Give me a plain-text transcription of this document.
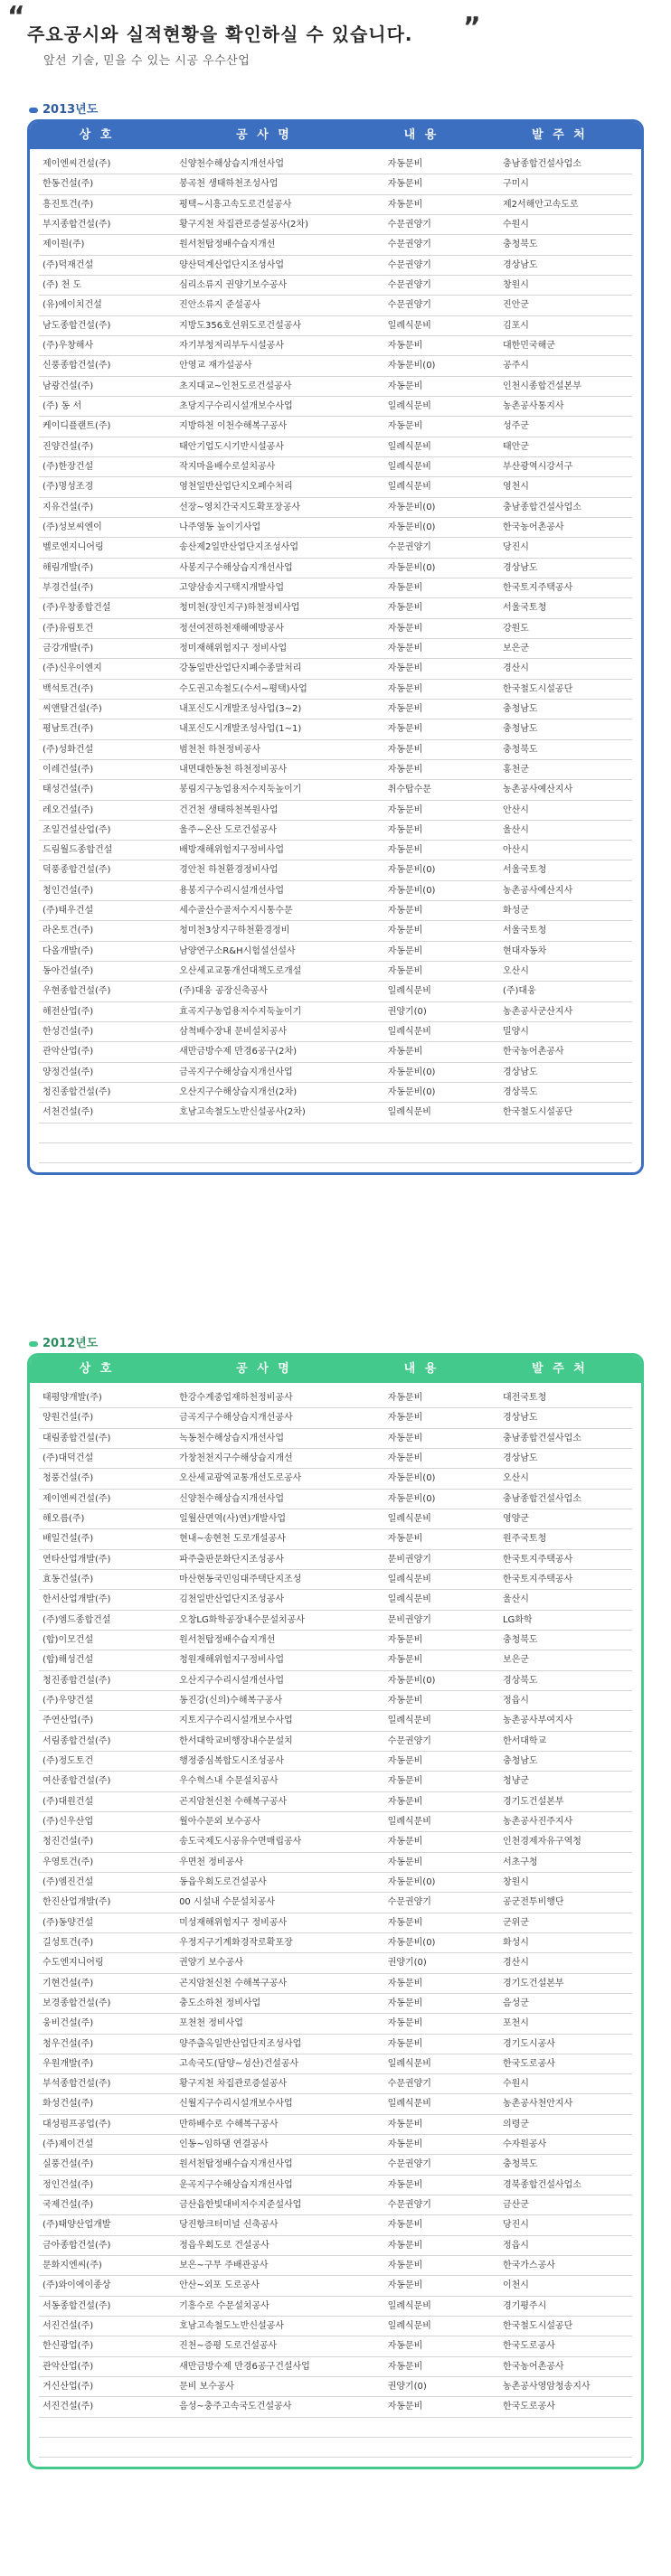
“
주요공시와 실적현황을 확인하실 수 있습니다. ”
앞선 기술, 믿을 수 있는 시공 우수산업
2013년도
상 호	공 사 명	내 용	발 주 처
제이엔씨건설(주)	신양천수해상습지개선사업	자동문비	충남종합건설사업소
한동건설(주)	봉곡천 생태하천조성사업	자동문비	구미시
흥진토건(주)	평택~시흥고속도로건설공사	자동문비	제2서해안고속도로
부지종합건설(주)	황구지천 차집관로증설공사(2차)	수문권양기	수원시
제이원(주)	원서천탑정배수습지개선	수문권양기	충청북도
(주)덕재건설	양산덕계산업단지조성사업	수문권양기	경상남도
(주) 천 도	심리소류지 권양기보수공사	수문권양기	창원시
(유)에이치건설	진안소류지 준설공사	수문권양기	진안군
남도종합건설(주)	지방도356호선위도로건설공사	일례식문비	김포시
(주)우창해사	자기부청저리부두시설공사	자동문비	대한민국해군
신풍종합건설(주)	안영교 재가설공사	자동문비(0)	공주시
남광건설(주)	초지대교~인천도로건설공사	자동문비	인천시종합건설본부
(주) 동 서	초당지구수리시설개보수사업	일례식문비	농촌공사통지사
케이디플랜트(주)	지방하천 이천수해복구공사	자동문비	성주군
진양건설(주)	태안기업도시기반시설공사	일례식문비	태안군
(주)한장건설	작지마을배수로설치공사	일례식문비	부산광역시강서구
(주)명성조경	영천일반산업단지오폐수처리	일례식문비	영천시
지유건설(주)	선장~영치간국지도확포장공사	자동문비(0)	충남종합건설사업소
(주)성보씨엔이	나주영동 높이기사업	자동문비(0)	한국농어촌공사
벨로엔지니어링	송산제2일반산업단지조성사업	수문권양기	당진시
해림개발(주)	사봉지구수해상습지개선사업	자동문비(0)	경상남도
부경건설(주)	고양삼송지구택지개발사업	자동문비	한국토지주택공사
(주)우창종합건설	청미천(장인지구)하천정비사업	자동문비	서울국토청
(주)유림토건	정선여전하천재해예방공사	자동문비	강원도
금강개발(주)	정미재해위험지구 정비사업	자동문비	보은군
(주)신우이엔지	강동일반산업단지폐수종말처리	자동문비	경산시
백석토건(주)	수도권고속철도(수서~평택)사업	자동문비	한국철도시설공단
씨앤탈건설(주)	내포신도시개발조성사업(3~2)	자동문비	충청남도
평남토건(주)	내포신도시개발조성사업(1~1)	자동문비	충청남도
(주)성화건설	범천천 하천정비공사	자동문비	충청북도
이레건설(주)	내면대한동천 하천정비공사	자동문비	홍천군
태성건설(주)	봉림지구농업용저수지둑높이기	취수탑수문	농촌공사예산지사
레오건설(주)	건건천 생태하천복원사업	자동문비	안산시
조일건설산업(주)	울주~온산 도로건설공사	자동문비	울산시
드림월드종합건설	배방재해위험지구정비사업	자동문비	아산시
덕풍종합건설(주)	경안천 하천환경정비사업	자동문비(0)	서울국토청
청인건설(주)	용봉지구수리시설개선사업	자동문비(0)	농촌공사예산지사
(주)태우건설	세수골산수골저수지시통수문	자동문비	화성군
라온토건(주)	청미천3상지구하천환경정비	자동문비	서울국토청
다올개발(주)	남양연구소R&H시험설선설사	자동문비	현대자동차
동아건설(주)	오산세교교통개선대책도로개설	자동문비	오산시
우현종합건설(주)	(주)대웅 공장신축공사	일례식문비	(주)대웅
해전산업(주)	효곡지구농업용저수지둑높이기	권양기(0)	농촌공사군산지사
한성건설(주)	삼척배수장내 문비설치공사	일례식문비	밀양시
관악산업(주)	새만금방수제 만경6공구(2차)	자동문비	한국농어촌공사
양정건설(주)	금곡지구수해상습지개선사업	자동문비(0)	경상남도
청진종합건설(주)	오산지구수해상습지개선(2차)	자동문비(0)	경상북도
서천건설(주)	호남고속철도노반신설공사(2차)	일례식문비	한국철도시설공단
2012년도
상 호	공 사 명	내 용	발 주 처
태평양개발(주)	한강수계중업재하천정비공사	자동문비	대전국토청
양원건설(주)	금곡지구수해상습지개선공사	자동문비	경상남도
대림종합건설(주)	녹동천수해상습지개선사업	자동문비	충남종합건설사업소
(주)대덕건설	가창천천지구수해상습지개선	자동문비	경상남도
청풍건설(주)	오산세교광역교통개선도로공사	자동문비(0)	오산시
제이엔씨건설(주)	신양천수해상습지개선사업	자동문비(0)	충남종합건설사업소
해오름(주)	일월산면역(사)연)개발사업	일례식문비	영양군
배일건설(주)	현내~송현천 도로개설공사	자동문비	원주국토청
연타산업개발(주)	파주출판문화단지조성공사	문비권양기	한국토지주택공사
효동건설(주)	마산현동국민임대주택단지조성	일례식문비	한국토지주택공사
한서산업개발(주)	김천일반산업단지조성공사	일례식문비	울산시
(주)엠드종합건설	오창LG화학공장내수문설치공사	문비권양기	LG화학
(합)이모건설	원서천탑정배수습지개선	자동문비	충청북도
(합)해성건설	청원재해위험지구정비사업	자동문비	보은군
청진종합건설(주)	오산지구수리시설개선사업	자동문비(0)	경상북도
(주)우양건설	동진강(신의)수해복구공사	자동문비	정읍시
주연산업(주)	지토지구수리시설개보수사업	일례식문비	농촌공사부여지사
서림종합건설(주)	한서대학교비행장내수문설치	수문권양기	한서대학교
(주)정도토건	행정중심복합도시조성공사	자동문비	충청남도
여산종합건설(주)	우수혁스내 수문설치공사	자동문비	청냥군
(주)대원건설	곤지암천신천 수해복구공사	자동문비	경기도건설본부
(주)신우산업	월아수문외 보수공사	일례식문비	농촌공사진주지사
청진건설(주)	송도국제도시공유수면매립공사	자동문비	인천경제자유구역청
우영토건(주)	우면천 정비공사	자동문비	서초구청
(주)엠진건설	동읍우회도로건설공사	자동문비(0)	창원시
한진산업개발(주)	00 시설내 수문설치공사	수문권양기	공군전투비행단
(주)동양건설	미성재해위험지구 정비공사	자동문비	군위군
길성토건(주)	우정지구기계화경작로확포장	자동문비(0)	화성시
수도엔지니어링	권양기 보수공사	권양기(0)	경산시
기현건설(주)	곤지암천신천 수해복구공사	자동문비	경기도건설본부
보경종합건설(주)	충도소하천 정비사업	자동문비	음성군
웅비건설(주)	포천천 정비사업	자동문비	포천시
청우건설(주)	양주출옥일반산업단지조성사업	자동문비	경기도시공사
우원개발(주)	고속국도(담양~성산)건설공사	일례식문비	한국도로공사
부석종합건설(주)	황구지천 차집관로증설공사	수문권양기	수원시
화성건설(주)	신월지구수리시설개보수사업	일례식문비	농촌공사천안지사
대성펌프공업(주)	만하배수로 수해복구공사	자동문비	의령군
(주)제이건설	인동~임하댐 연결공사	자동문비	수자원공사
실풍건설(주)	원서천탑정배수습지개선사업	수문권양기	충청북도
정인건설(주)	운곡지구수해상습지개선사업	자동문비	경북종합건설사업소
국제건설(주)	금산읍한빛대비저수지준설사업	수문권양기	금산군
(주)태양산업개발	당진항크터미널 신축공사	자동문비	당진시
금아종합건설(주)	정읍우회도로 건설공사	자동문비	정읍시
문화지엔씨(주)	보은~구무 주배관공사	자동문비	한국가스공사
(주)와이에이종상	안산~외포 도로공사	자동문비	이천시
서동종합건설(주)	기흥수로 수문설치공사	일례식문비	경기평주시
서진건설(주)	호남고속철도노반신설공사	일례식문비	한국철도시설공단
한신광업(주)	진천~증평 도로건설공사	자동문비	한국도로공사
관악산업(주)	새만금방수제 만경6공구건설사업	자동문비	한국농어촌공사
거신산업(주)	문비 보수공사	권양기(0)	농촌공사영암청송지사
서진건설(주)	음성~충주고속국도건설공사	자동문비	한국도로공사
